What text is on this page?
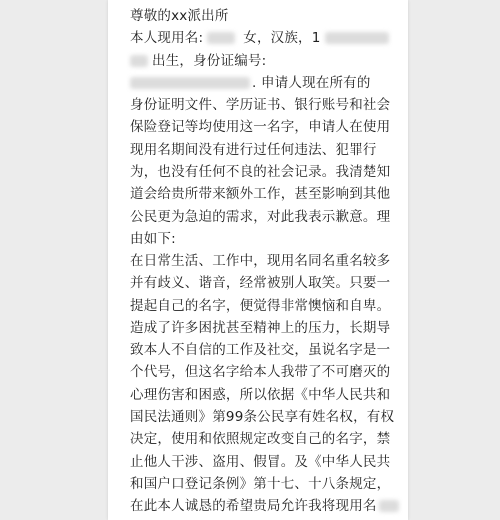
尊敬的xx派出所
本人现用名:	女，汉族，1
出生，身份证编号:
. 申请人现在所有的
身份证明文件、学历证书、银行账号和社会
保险登记等均使用这一名字，申请人在使用
现用名期间没有进行过任何违法、犯罪行
为，也没有任何不良的社会记录。我清楚知
道会给贵所带来额外工作，甚至影响到其他
公民更为急迫的需求，对此我表示歉意。理
由如下:
在日常生活、工作中，现用名同名重名较多
并有歧义、谐音，经常被别人取笑。只要一
提起自己的名字，便觉得非常懊恼和自卑。
造成了许多困扰甚至精神上的压力，长期导
致本人不自信的工作及社交，虽说名字是一
个代号，但这名字给本人我带了不可磨灭的
心理伤害和困惑，所以依据《中华人民共和
国民法通则》第99条公民享有姓名权，有权
决定，使用和依照规定改变自己的名字，禁
止他人干涉、盗用、假冒。及《中华人民共
和国户口登记条例》第十七、十八条规定，
在此本人诚恳的希望贵局允许我将现用名
